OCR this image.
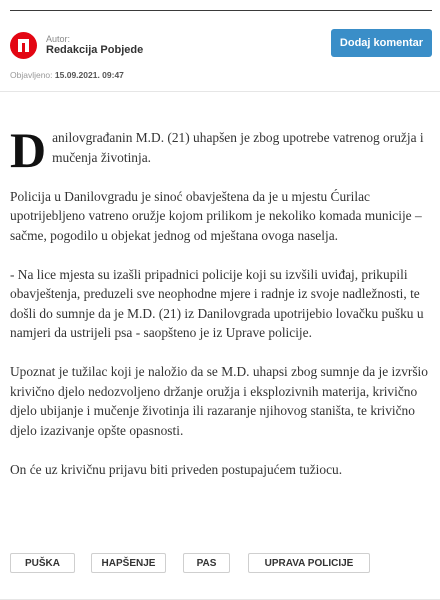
Autor:
Redakcija Pobjede
Dodaj komentar
Objavljeno: 15.09.2021. 09:47

Danilovgrađanin M.D. (21) uhapšen je zbog upotrebe vatrenog oružja i mučenja životinja.

Policija u Danilovgradu je sinoć obavještena da je u mjestu Ćurilac upotrijebljeno vatreno oružje kojom prilikom je nekoliko komada municije – sačme, pogodilo u objekat jednog od mještana ovoga naselja.

- Na lice mjesta su izašli pripadnici policije koji su izvšili uviđaj, prikupili obavještenja, preduzeli sve neophodne mjere i radnje iz svoje nadležnosti, te došli do sumnje da je M.D. (21) iz Danilovgrada upotrijebio lovačku pušku u namjeri da ustrijeli psa - saopšteno je iz Uprave policije.

Upoznat je tužilac koji je naložio da se M.D. uhapsi zbog sumnje da je izvršio krivično djelo nedozvoljeno držanje oružja i eksplozivnih materija, krivično djelo ubijanje i mučenje životinja ili razaranje njihovog staništa, te krivično djelo izazivanje opšte opasnosti.

On će uz krivičnu prijavu biti priveden postupajućem tužiocu.

PUŠKA	HAPŠENJE	PAS	UPRAVA POLICIJE
